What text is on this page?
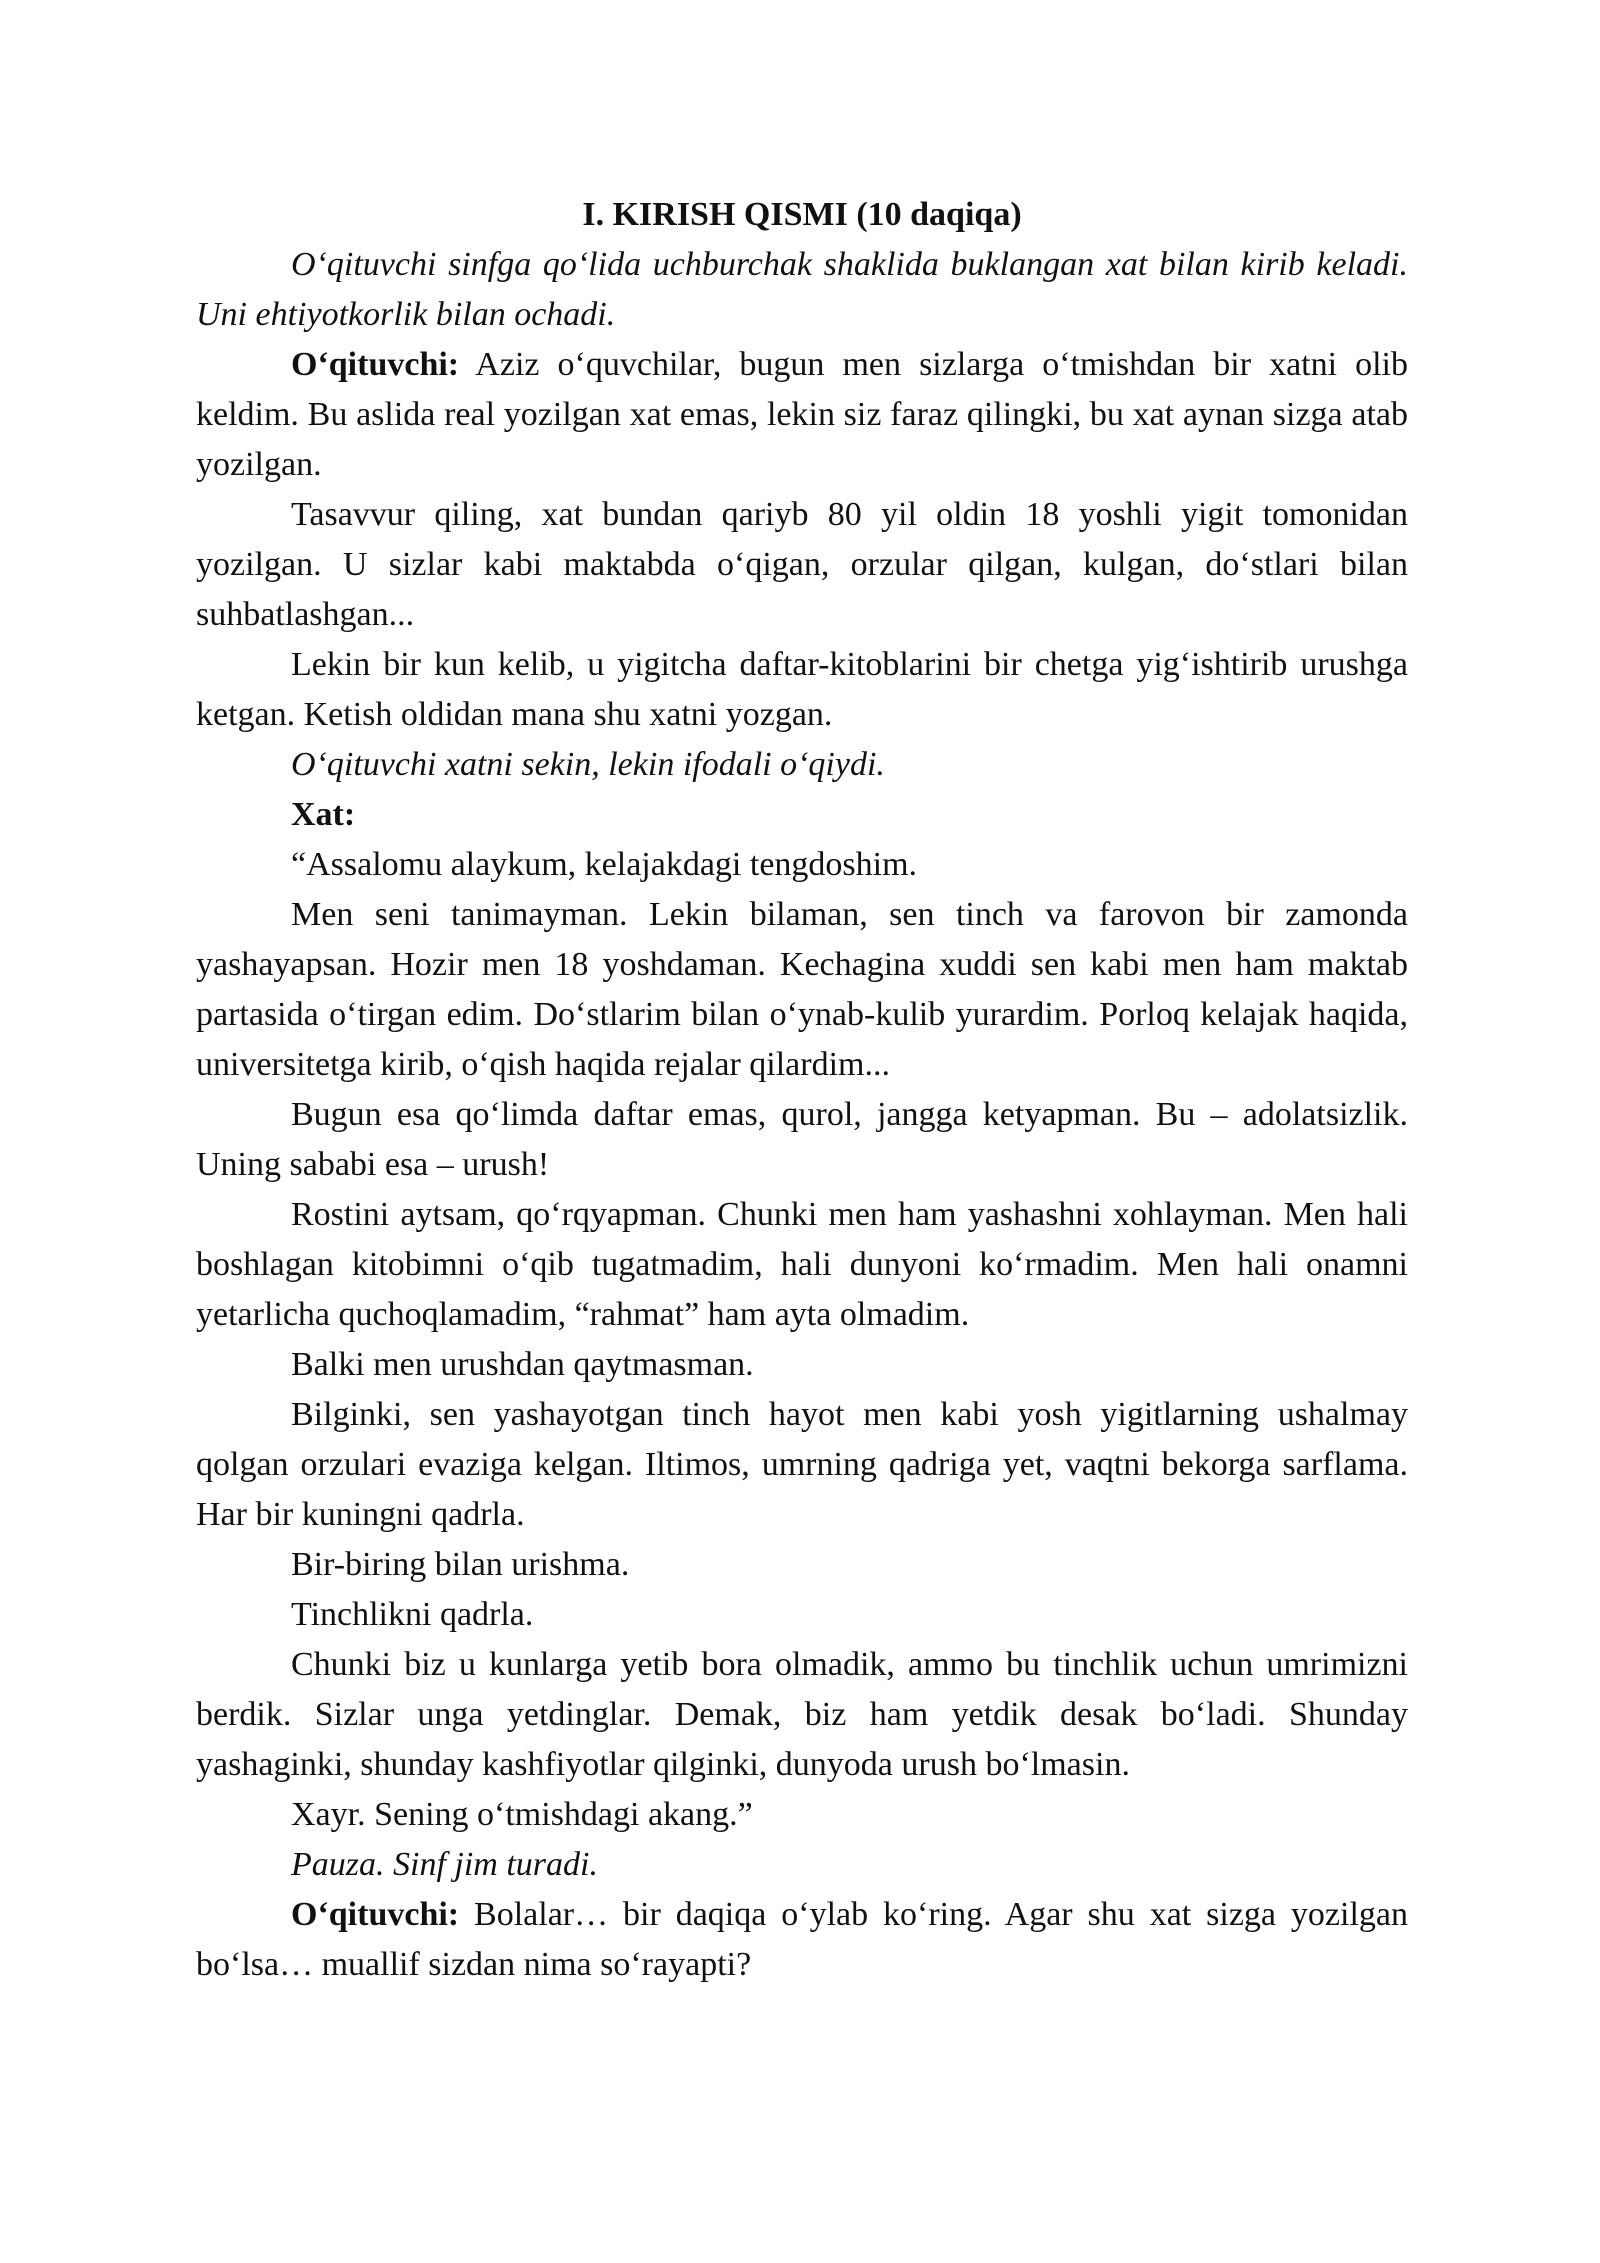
I. KIRISH QISMI (10 daqiqa)

O‘qituvchi sinfga qo‘lida uchburchak shaklida buklangan xat bilan kirib keladi. Uni ehtiyotkorlik bilan ochadi.

O‘qituvchi: Aziz o‘quvchilar, bugun men sizlarga o‘tmishdan bir xatni olib keldim. Bu aslida real yozilgan xat emas, lekin siz faraz qilingki, bu xat aynan sizga atab yozilgan.

Tasavvur qiling, xat bundan qariyb 80 yil oldin 18 yoshli yigit tomonidan yozilgan. U sizlar kabi maktabda o‘qigan, orzular qilgan, kulgan, do‘stlari bilan suhbatlashgan...

Lekin bir kun kelib, u yigitcha daftar-kitoblarini bir chetga yig‘ishtirib urushga ketgan. Ketish oldidan mana shu xatni yozgan.

O‘qituvchi xatni sekin, lekin ifodali o‘qiydi.

Xat:

“Assalomu alaykum, kelajakdagi tengdoshim.

Men seni tanimayman. Lekin bilaman, sen tinch va farovon bir zamonda yashayapsan. Hozir men 18 yoshdaman. Kechagina xuddi sen kabi men ham maktab partasida o‘tirgan edim. Do‘stlarim bilan o‘ynab-kulib yurardim. Porloq kelajak haqida, universitetga kirib, o‘qish haqida rejalar qilardim...

Bugun esa qo‘limda daftar emas, qurol, jangga ketyapman. Bu – adolatsizlik. Uning sababi esa – urush!

Rostini aytsam, qo‘rqyapman. Chunki men ham yashashni xohlayman. Men hali boshlagan kitobimni o‘qib tugatmadim, hali dunyoni ko‘rmadim. Men hali onamni yetarlicha quchoqlamadim, “rahmat” ham ayta olmadim.

Balki men urushdan qaytmasman.

Bilginki, sen yashayotgan tinch hayot men kabi yosh yigitlarning ushalmay qolgan orzulari evaziga kelgan. Iltimos, umrning qadriga yet, vaqtni bekorga sarflama. Har bir kuningni qadrla.

Bir-biring bilan urishma.

Tinchlikni qadrla.

Chunki biz u kunlarga yetib bora olmadik, ammo bu tinchlik uchun umrimizni berdik. Sizlar unga yetdinglar. Demak, biz ham yetdik desak bo‘ladi. Shunday yashaginki, shunday kashfiyotlar qilginki, dunyoda urush bo‘lmasin.

Xayr. Sening o‘tmishdagi akang.”

Pauza. Sinf jim turadi.

O‘qituvchi: Bolalar… bir daqiqa o‘ylab ko‘ring. Agar shu xat sizga yozilgan bo‘lsa… muallif sizdan nima so‘rayapti?
